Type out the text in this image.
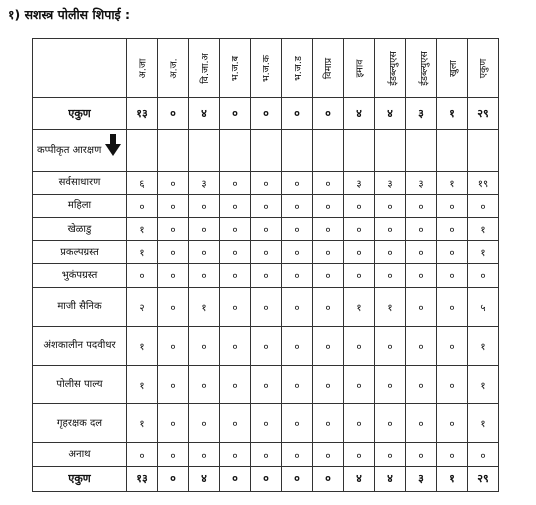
१) सशस्त्र पोलीस शिपाई :
	अ.जा	अ.ज.	वि.जा.अ	भ.ज.ब	भ.ज.क	भ.ज.ड	विमाप्र	इमाव	ईडब्ल्युएस	ईडब्ल्युएस	खुला	एकुण
एकुण	१३	०	४	०	०	०	०	४	४	३	१	२९
कप्पीकृत आरक्षण												
सर्वसाधारण	६	०	३	०	०	०	०	३	३	३	१	१९
महिला	०	०	०	०	०	०	०	०	०	०	०	०
खेळाडु	१	०	०	०	०	०	०	०	०	०	०	१
प्रकल्पग्रस्त	१	०	०	०	०	०	०	०	०	०	०	१
भुकंपग्रस्त	०	०	०	०	०	०	०	०	०	०	०	०
माजी सैनिक	२	०	१	०	०	०	०	१	१	०	०	५
अंशकालीन पदवीधर	१	०	०	०	०	०	०	०	०	०	०	१
पोलीस पाल्य	१	०	०	०	०	०	०	०	०	०	०	१
गृहरक्षक दल	१	०	०	०	०	०	०	०	०	०	०	१
अनाथ	०	०	०	०	०	०	०	०	०	०	०	०
एकुण	१३	०	४	०	०	०	०	४	४	३	१	२९
